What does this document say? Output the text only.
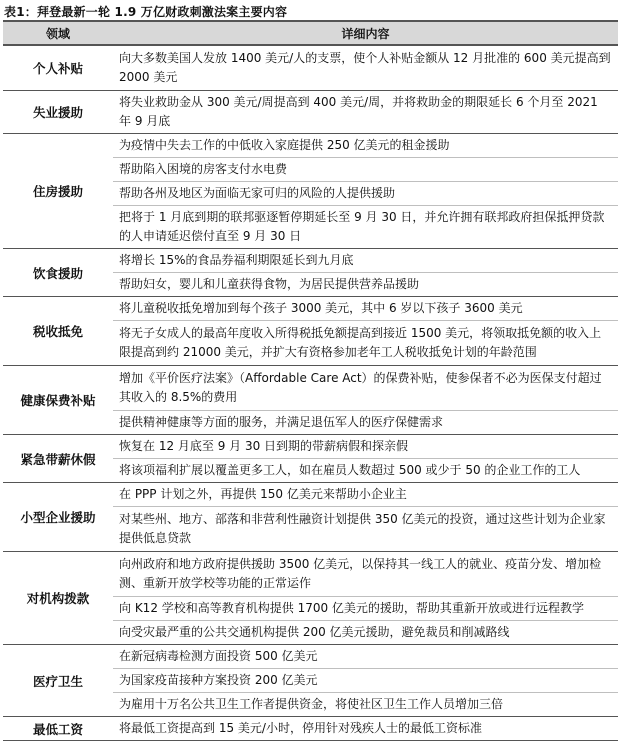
表1：拜登最新一轮 1.9 万亿财政刺激法案主要内容
领域	详细内容
个人补贴	向大多数美国人发放 1400 美元/人的支票，使个人补贴金额从 12 月批准的 600 美元提高到 2000 美元
失业援助	将失业救助金从 300 美元/周提高到 400 美元/周，并将救助金的期限延长 6 个月至 2021 年 9 月底
住房援助	为疫情中失去工作的中低收入家庭提供 250 亿美元的租金援助
	帮助陷入困境的房客支付水电费
	帮助各州及地区为面临无家可归的风险的人提供援助
	把将于 1 月底到期的联邦驱逐暂停期延长至 9 月 30 日，并允许拥有联邦政府担保抵押贷款的人申请延迟偿付直至 9 月 30 日
饮食援助	将增长 15%的食品券福利期限延长到九月底
	帮助妇女，婴儿和儿童获得食物，为居民提供营养品援助
税收抵免	将儿童税收抵免增加到每个孩子 3000 美元，其中 6 岁以下孩子 3600 美元
	将无子女成人的最高年度收入所得税抵免额提高到接近 1500 美元，将领取抵免额的收入上限提高到约 21000 美元，并扩大有资格参加老年工人税收抵免计划的年龄范围
健康保费补贴	增加《平价医疗法案》（Affordable Care Act）的保费补贴，使参保者不必为医保支付超过其收入的 8.5%的费用
	提供精神健康等方面的服务，并满足退伍军人的医疗保健需求
紧急带薪休假	恢复在 12 月底至 9 月 30 日到期的带薪病假和探亲假
	将该项福利扩展以覆盖更多工人，如在雇员人数超过 500 或少于 50 的企业工作的工人
小型企业援助	在 PPP 计划之外，再提供 150 亿美元来帮助小企业主
	对某些州、地方、部落和非营利性融资计划提供 350 亿美元的投资，通过这些计划为企业家提供低息贷款
对机构拨款	向州政府和地方政府提供援助 3500 亿美元，以保持其一线工人的就业、疫苗分发、增加检测、重新开放学校等功能的正常运作
	向 K12 学校和高等教育机构提供 1700 亿美元的援助，帮助其重新开放或进行远程教学
	向受灾最严重的公共交通机构提供 200 亿美元援助，避免裁员和削减路线
医疗卫生	在新冠病毒检测方面投资 500 亿美元
	为国家疫苗接种方案投资 200 亿美元
	为雇用十万名公共卫生工作者提供资金，将使社区卫生工作人员增加三倍
最低工资	将最低工资提高到 15 美元/小时，停用针对残疾人士的最低工资标准
